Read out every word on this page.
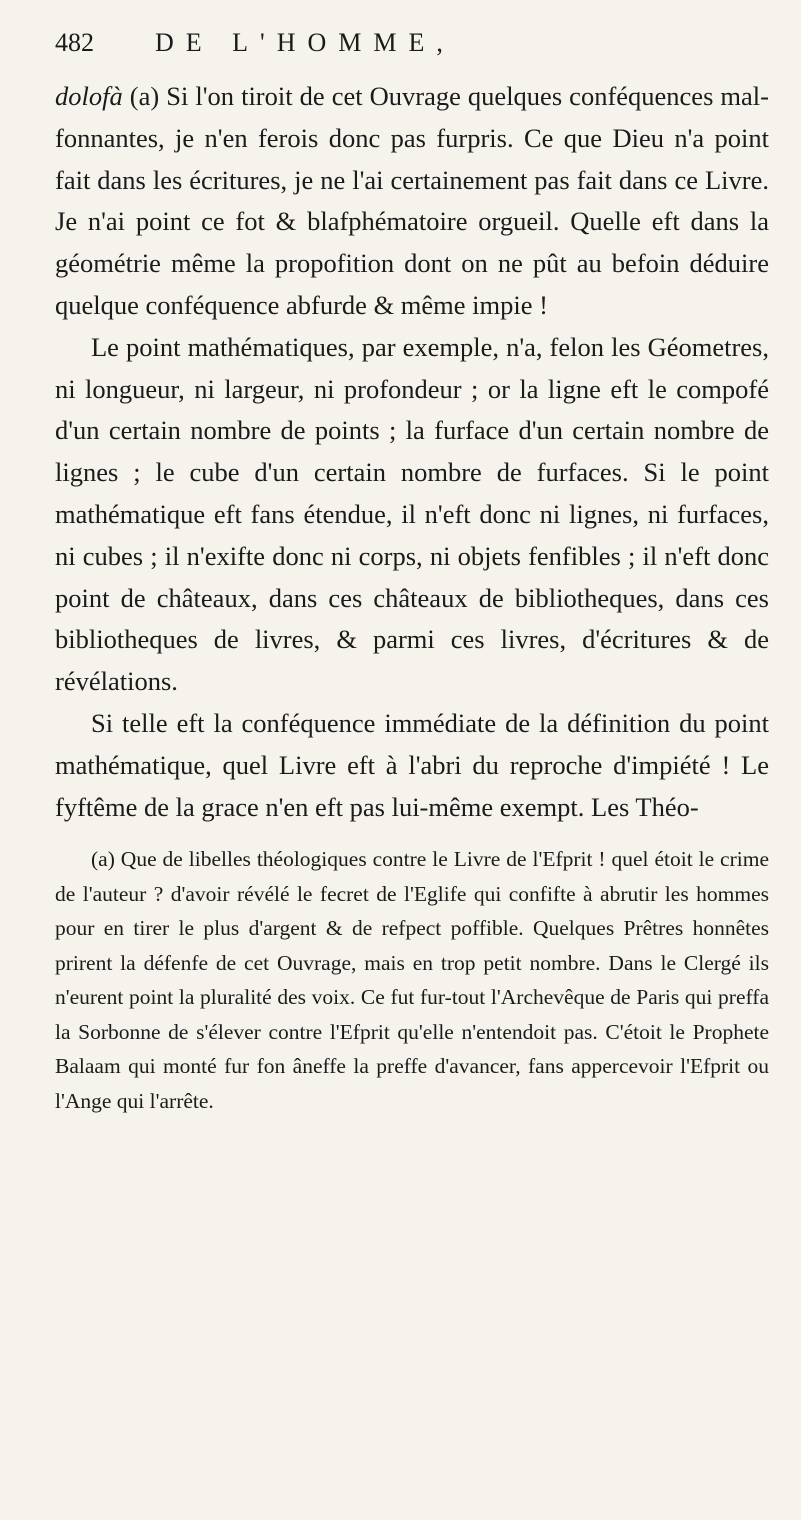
482	DE L'HOMME,

dolofà (a) Si l'on tiroit de cet Ouvrage quelques conféquences mal-fonnantes, je n'en ferois donc pas furpris. Ce que Dieu n'a point fait dans les écritures, je ne l'ai certainement pas fait dans ce Livre. Je n'ai point ce fot & blafphématoire orgueil. Quelle eft dans la géométrie même la propofition dont on ne pût au befoin déduire quelque conféquence abfurde & même impie !

Le point mathématiques, par exemple, n'a, felon les Géometres, ni longueur, ni largeur, ni profondeur ; or la ligne eft le compofé d'un certain nombre de points ; la furface d'un certain nombre de lignes ; le cube d'un certain nombre de furfaces. Si le point mathématique eft fans étendue, il n'eft donc ni lignes, ni furfaces, ni cubes ; il n'exifte donc ni corps, ni objets fenfibles ; il n'eft donc point de châteaux, dans ces châteaux de bibliotheques, dans ces bibliotheques de livres, & parmi ces livres, d'écritures & de révélations.

Si telle eft la conféquence immédiate de la définition du point mathématique, quel Livre eft à l'abri du reproche d'impiété ! Le fyftême de la grace n'en eft pas lui-même exempt. Les Théo-

(a) Que de libelles théologiques contre le Livre de l'Efprit ! quel étoit le crime de l'auteur ? d'avoir révélé le fecret de l'Eglife qui confifte à abrutir les hommes pour en tirer le plus d'argent & de refpect poffible. Quelques Prêtres honnêtes prirent la défenfe de cet Ouvrage, mais en trop petit nombre. Dans le Clergé ils n'eurent point la pluralité des voix. Ce fut fur-tout l'Archevêque de Paris qui preffa la Sorbonne de s'élever contre l'Efprit qu'elle n'entendoit pas. C'étoit le Prophete Balaam qui monté fur fon âneffe la preffe d'avancer, fans appercevoir l'Efprit ou l'Ange qui l'arrête.
